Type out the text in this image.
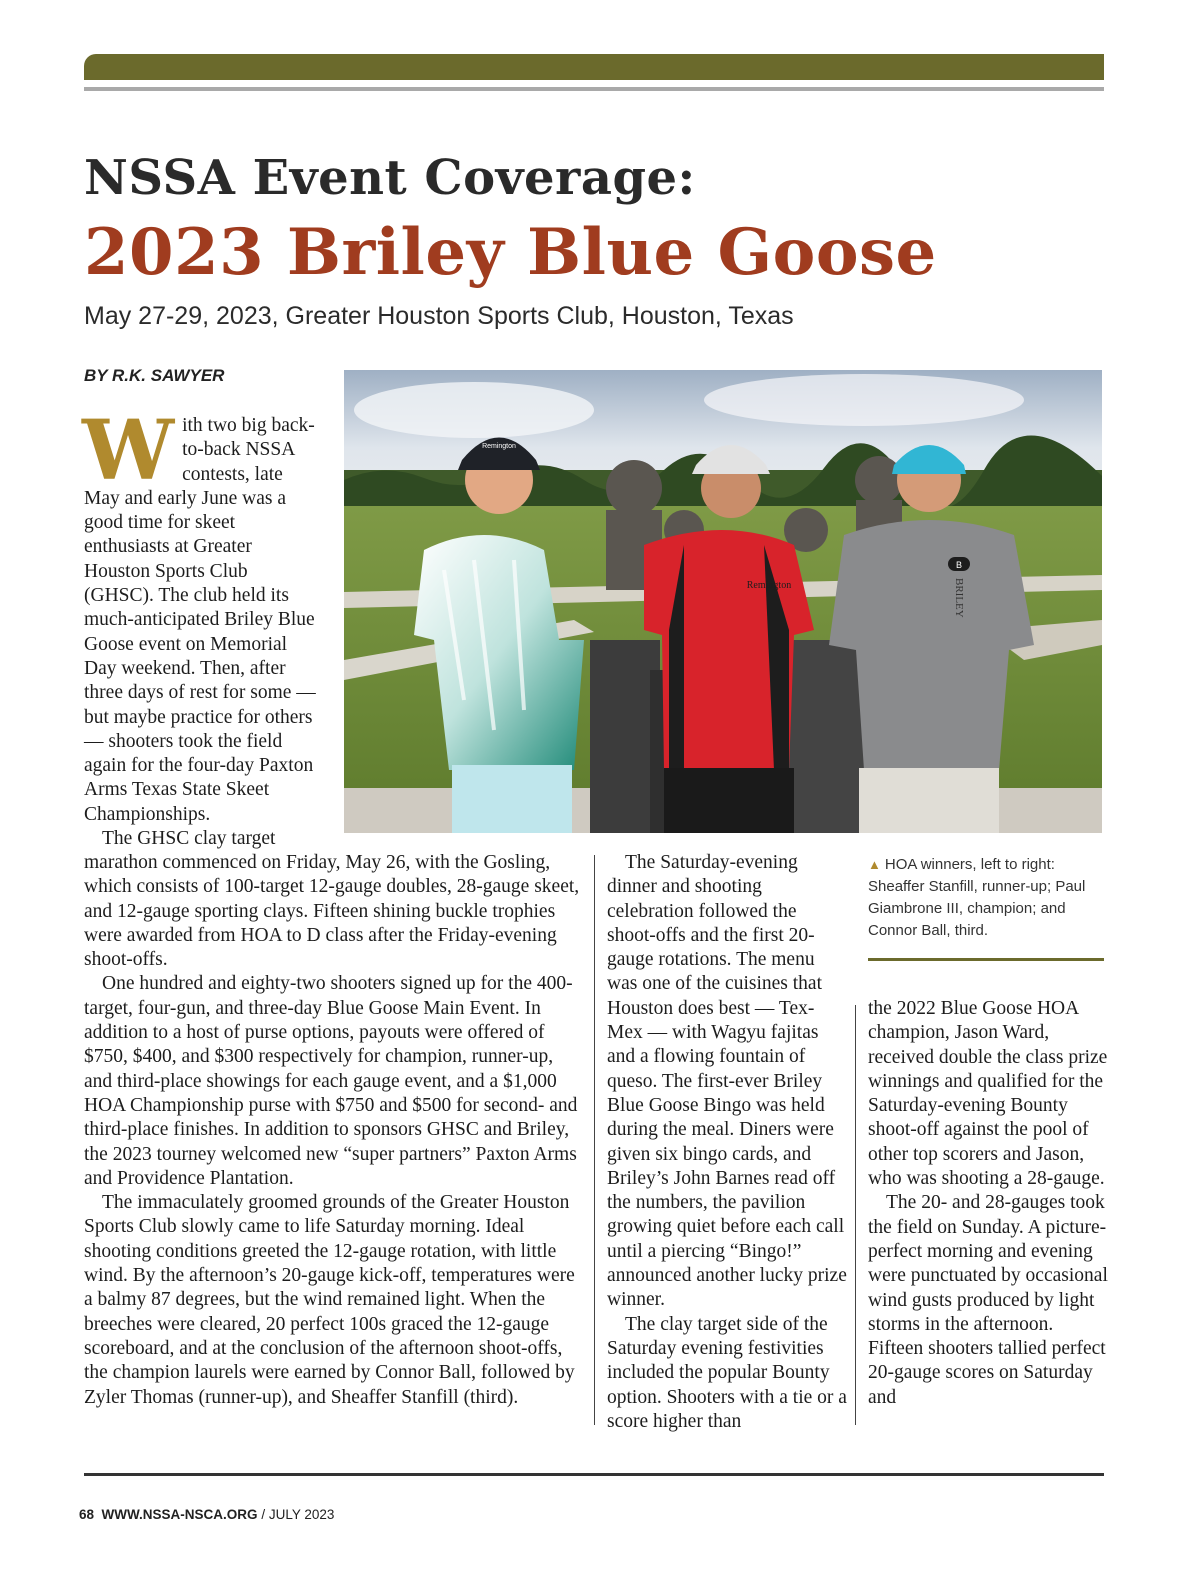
NSSA Event Coverage:
2023 Briley Blue Goose
May 27-29, 2023, Greater Houston Sports Club, Houston, Texas
BY R.K. SAWYER

With two big back-to-back NSSA contests, late May and early June was a good time for skeet enthusiasts at Greater Houston Sports Club (GHSC). The club held its much-anticipated Briley Blue Goose event on Memorial Day weekend. Then, after three days of rest for some — but maybe practice for others — shooters took the field again for the four-day Paxton Arms Texas State Skeet Championships.

The GHSC clay target

marathon commenced on Friday, May 26, with the Gosling, which consists of 100-target 12-gauge doubles, 28-gauge skeet, and 12-gauge sporting clays. Fifteen shining buckle trophies were awarded from HOA to D class after the Friday-evening shoot-offs.

One hundred and eighty-two shooters signed up for the 400-target, four-gun, and three-day Blue Goose Main Event. In addition to a host of purse options, payouts were offered of $750, $400, and $300 respectively for champion, runner-up, and third-place showings for each gauge event, and a $1,000 HOA Championship purse with $750 and $500 for second- and third-place finishes. In addition to sponsors GHSC and Briley, the 2023 tourney welcomed new “super partners” Paxton Arms and Providence Plantation.

The immaculately groomed grounds of the Greater Houston Sports Club slowly came to life Saturday morning. Ideal shooting conditions greeted the 12-gauge rotation, with little wind. By the afternoon’s 20-gauge kick-off, temperatures were a balmy 87 degrees, but the wind remained light. When the breeches were cleared, 20 perfect 100s graced the 12-gauge scoreboard, and at the conclusion of the afternoon shoot-offs, the champion laurels were earned by Connor Ball, followed by Zyler Thomas (runner-up), and Sheaffer Stanfill (third).

The Saturday-evening dinner and shooting celebration followed the shoot-offs and the first 20-gauge rotations. The menu was one of the cuisines that Houston does best — Tex-Mex — with Wagyu fajitas and a flowing fountain of queso. The first-ever Briley Blue Goose Bingo was held during the meal. Diners were given six bingo cards, and Briley’s John Barnes read off the numbers, the pavilion growing quiet before each call until a piercing “Bingo!” announced another lucky prize winner.

The clay target side of the Saturday evening festivities included the popular Bounty option. Shooters with a tie or a score higher than

the 2022 Blue Goose HOA champion, Jason Ward, received double the class prize winnings and qualified for the Saturday-evening Bounty shoot-off against the pool of other top scorers and Jason, who was shooting a 28-gauge.

The 20- and 28-gauges took the field on Sunday. A picture-perfect morning and evening were punctuated by occasional wind gusts produced by light storms in the afternoon. Fifteen shooters tallied perfect 20-gauge scores on Saturday and

Remington
Remington
B
BRILEY
▲ HOA winners, left to right: Sheaffer Stanfill, runner-up; Paul Giambrone III, champion; and Connor Ball, third.
68 WWW.NSSA-NSCA.ORG / JULY 2023
